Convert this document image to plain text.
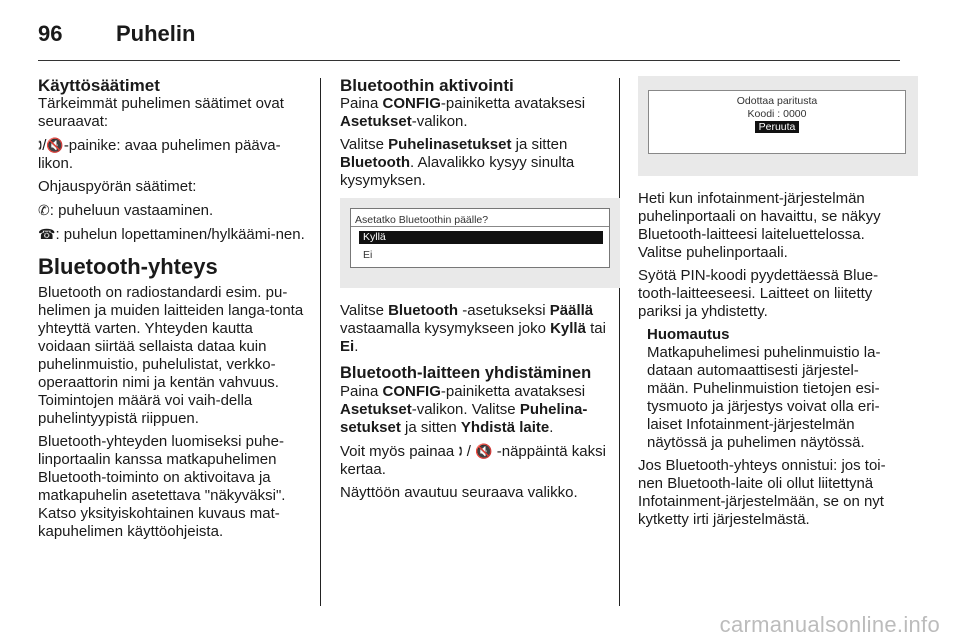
96	Puhelin
Käyttösäätimet

Tärkeimmät puhelimen säätimet ovat seuraavat:

🕽/🔇-painike: avaa puhelimen pääva-likon.

Ohjauspyörän säätimet:

✆: puheluun vastaaminen.

☎: puhelun lopettaminen/hylkäämi-nen.

Bluetooth-yhteys

Bluetooth on radiostandardi esim. pu-helimen ja muiden laitteiden langa-tonta yhteyttä varten. Yhteyden kautta voidaan siirtää sellaista dataa kuin puhelinmuistio, puhelulistat, verkko-operaattorin nimi ja kentän vahvuus. Toimintojen määrä voi vaih-della puhelintyypistä riippuen.

Bluetooth-yhteyden luomiseksi puhe-linportaalin kanssa matkapuhelimen Bluetooth-toiminto on aktivoitava ja matkapuhelin asetettava "näkyväksi". Katso yksityiskohtainen kuvaus mat-kapuhelimen käyttöohjeista.

Bluetoothin aktivointi

Paina CONFIG-painiketta avataksesi Asetukset-valikon.

Valitse Puhelinasetukset ja sitten Bluetooth. Alavalikko kysyy sinulta kysymyksen.

Asetatko Bluetoothin päälle?
Kyllä
Ei

Valitse Bluetooth -asetukseksi Päällä vastaamalla kysymykseen joko Kyllä tai Ei.

Bluetooth-laitteen yhdistäminen

Paina CONFIG-painiketta avataksesi Asetukset-valikon. Valitse Puhelina-setukset ja sitten Yhdistä laite.

Voit myös painaa 🕽 / 🔇 -näppäintä kaksi kertaa.

Näyttöön avautuu seuraava valikko.

Odottaa paritusta
Koodi : 0000
Peruuta

Heti kun infotainment-järjestelmän puhelinportaali on havaittu, se näkyy Bluetooth-laitteesi laiteluettelossa. Valitse puhelinportaali.

Syötä PIN-koodi pyydettäessä Blue-tooth-laitteeseesi. Laitteet on liitetty pariksi ja yhdistetty.

Huomautus
Matkapuhelimesi puhelinmuistio la-dataan automaattisesti järjestel-mään. Puhelinmuistion tietojen esi-tysmuoto ja järjestys voivat olla eri-laiset Infotainment-järjestelmän näytössä ja puhelimen näytössä.

Jos Bluetooth-yhteys onnistui: jos toi-nen Bluetooth-laite oli ollut liitettynä Infotainment-järjestelmään, se on nyt kytketty irti järjestelmästä.

carmanualsonline.info
